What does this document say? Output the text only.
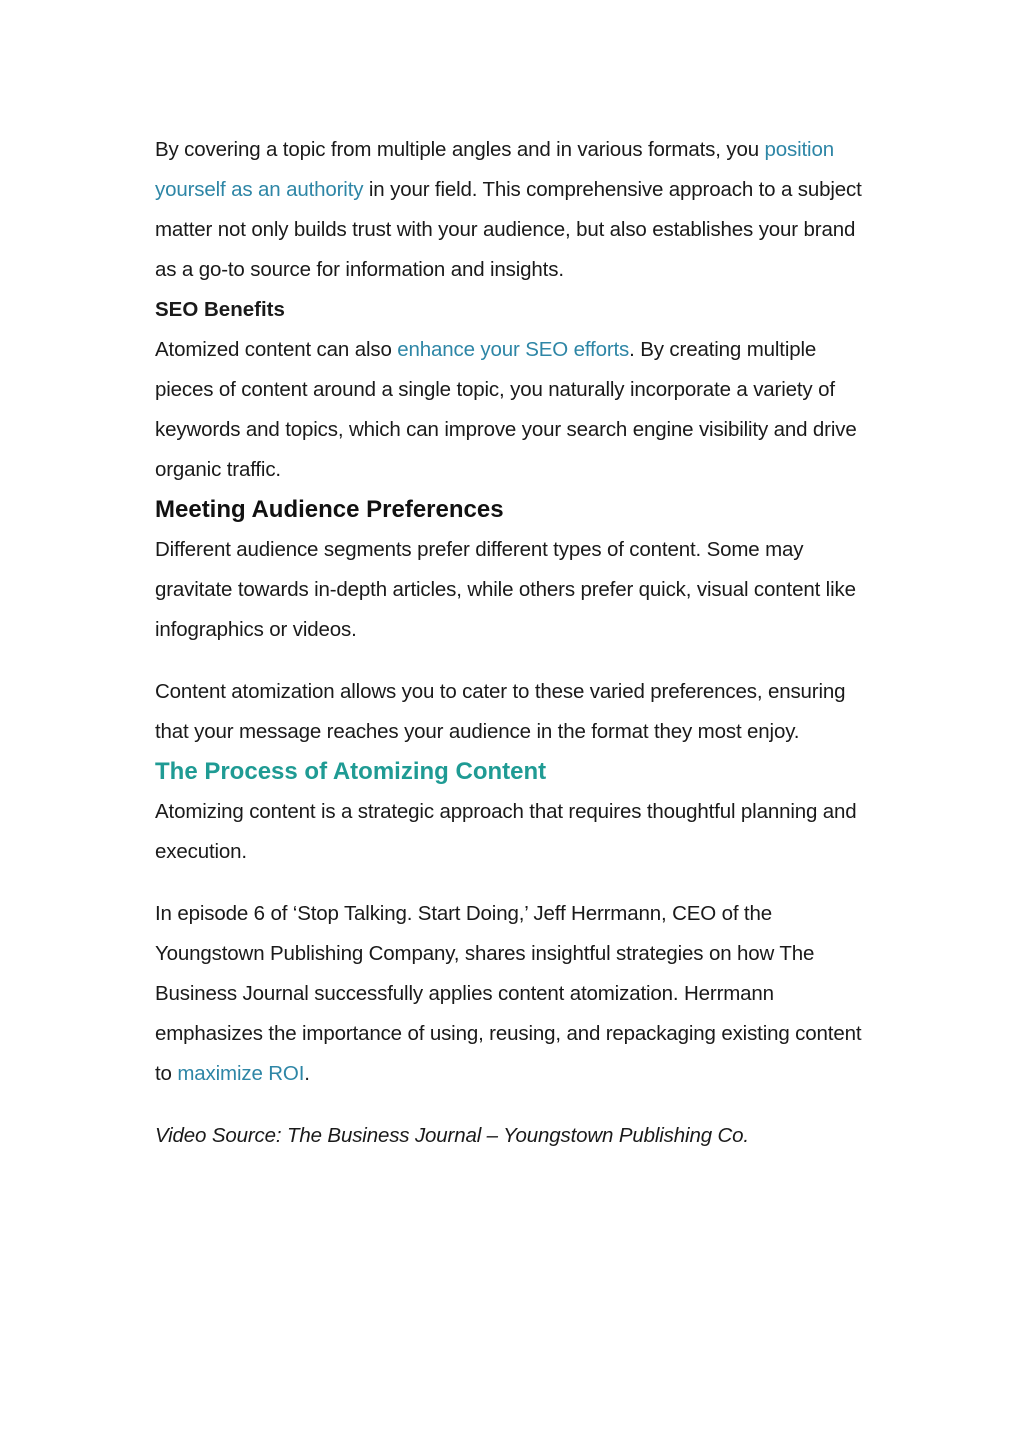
By covering a topic from multiple angles and in various formats, you position yourself as an authority in your field. This comprehensive approach to a subject matter not only builds trust with your audience, but also establishes your brand as a go-to source for information and insights.

SEO Benefits

Atomized content can also enhance your SEO efforts. By creating multiple pieces of content around a single topic, you naturally incorporate a variety of keywords and topics, which can improve your search engine visibility and drive organic traffic.

Meeting Audience Preferences

Different audience segments prefer different types of content. Some may gravitate towards in-depth articles, while others prefer quick, visual content like infographics or videos.

Content atomization allows you to cater to these varied preferences, ensuring that your message reaches your audience in the format they most enjoy.

The Process of Atomizing Content

Atomizing content is a strategic approach that requires thoughtful planning and execution.

In episode 6 of ‘Stop Talking. Start Doing,’ Jeff Herrmann, CEO of the Youngstown Publishing Company, shares insightful strategies on how The Business Journal successfully applies content atomization. Herrmann emphasizes the importance of using, reusing, and repackaging existing content to maximize ROI.

Video Source: The Business Journal – Youngstown Publishing Co.
